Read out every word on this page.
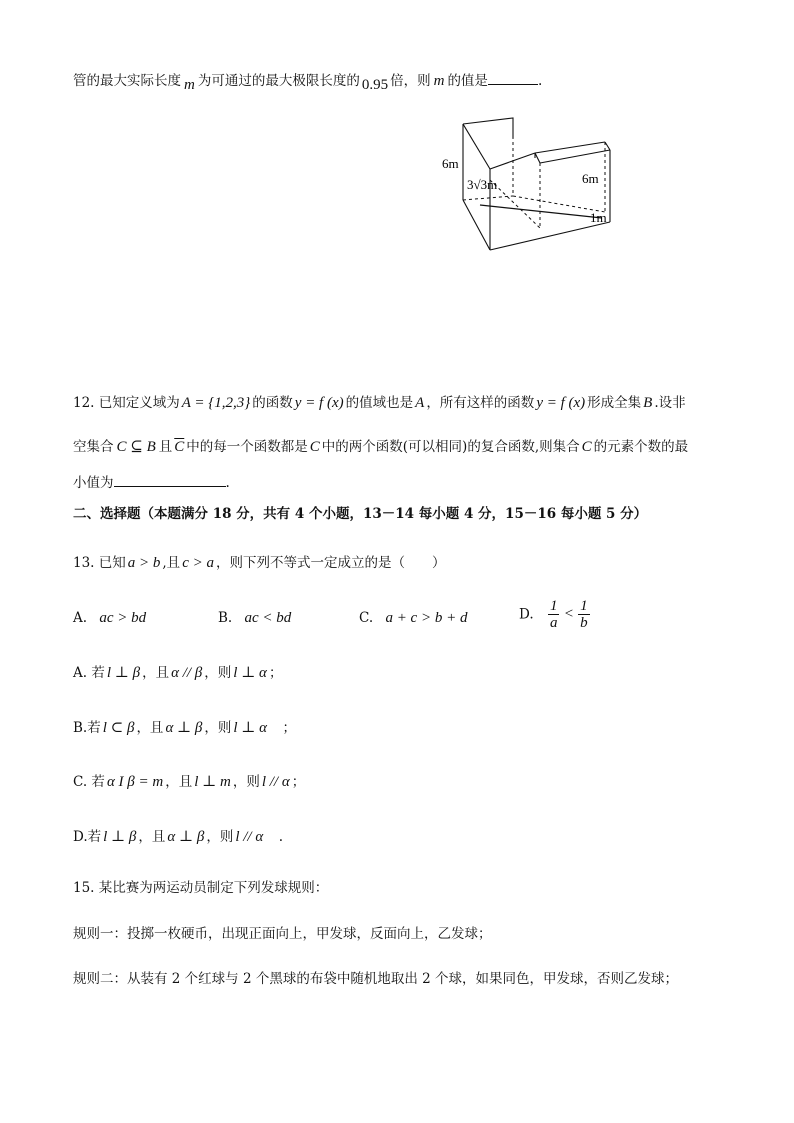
管的最大实际长度 m 为可通过的最大极限长度的 0.95 倍，则 m 的值是	.
6m
3√3m	6m
1m
12. 已知定义域为 A = {1,2,3} 的函数 y = f (x) 的值域也是 A ，所有这样的函数 y = f (x) 形成全集 B .设非
空集合 C ⊆ B 且 $\overline{C}$ 中的每一个函数都是 C 中的两个函数(可以相同)的复合函数,则集合 C 的元素个数的最
小值为	.
二、选择题（本题满分 18 分，共有 4 个小题，13－14 每小题 4 分，15－16 每小题 5 分）
13. 已知 a > b ,且 c > a ，则下列不等式一定成立的是（　　）
A. ac > bd	B. ac < bd	C. a + c > b + d	D. $\frac{1}{a} < \frac{1}{b}$
A. 若 l ⊥ β ，且 α // β ，则 l ⊥ α ；
B.若 l ⊂ β ，且 α ⊥ β ，则 l ⊥ α　；
C. 若 α I β = m ，且 l ⊥ m ，则 l // α ；
D.若 l ⊥ β ，且 α ⊥ β ，则 l // α　.
15. 某比赛为两运动员制定下列发球规则：
规则一：投掷一枚硬币，出现正面向上，甲发球，反面向上，乙发球；
规则二：从装有 2 个红球与 2 个黑球的布袋中随机地取出 2 个球，如果同色，甲发球，否则乙发球；
